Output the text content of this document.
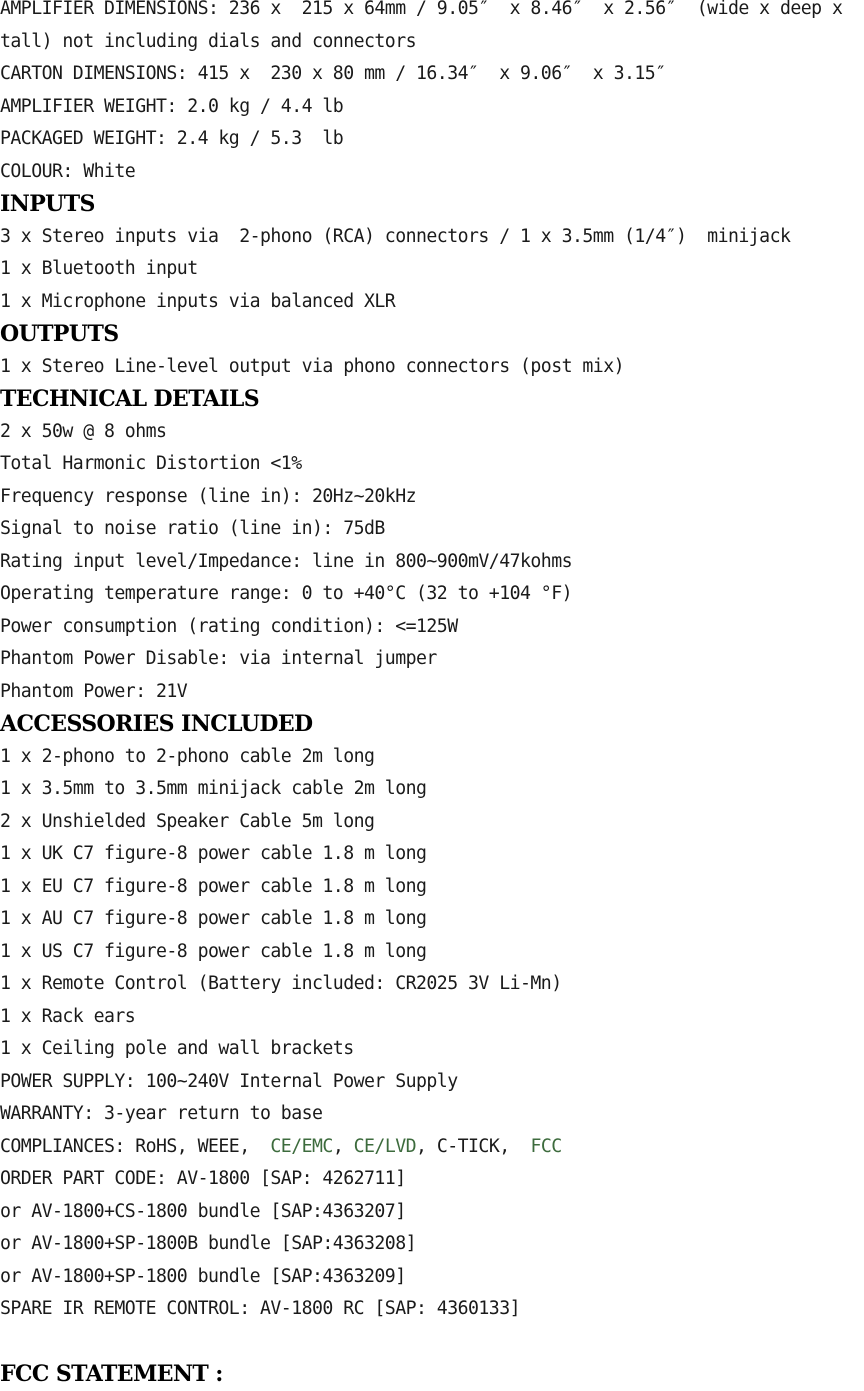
AMPLIFIER DIMENSIONS: 236 x  215 x 64mm / 9.05″  x 8.46″  x 2.56″  (wide x deep x
tall) not including dials and connectors
CARTON DIMENSIONS: 415 x  230 x 80 mm / 16.34″  x 9.06″  x 3.15″
AMPLIFIER WEIGHT: 2.0 kg / 4.4 lb
PACKAGED WEIGHT: 2.4 kg / 5.3  lb
COLOUR: White
INPUTS
3 x Stereo inputs via  2-phono (RCA) connectors / 1 x 3.5mm (1/4″)  minijack
1 x Bluetooth input
1 x Microphone inputs via balanced XLR
OUTPUTS
1 x Stereo Line-level output via phono connectors (post mix)
TECHNICAL DETAILS
2 x 50w @ 8 ohms
Total Harmonic Distortion <1%
Frequency response (line in): 20Hz~20kHz
Signal to noise ratio (line in): 75dB
Rating input level/Impedance: line in 800~900mV/47kohms
Operating temperature range: 0 to +40°C (32 to +104 °F)
Power consumption (rating condition): <=125W
Phantom Power Disable: via internal jumper
Phantom Power: 21V
ACCESSORIES INCLUDED
1 x 2-phono to 2-phono cable 2m long
1 x 3.5mm to 3.5mm minijack cable 2m long
2 x Unshielded Speaker Cable 5m long
1 x UK C7 figure-8 power cable 1.8 m long
1 x EU C7 figure-8 power cable 1.8 m long
1 x AU C7 figure-8 power cable 1.8 m long
1 x US C7 figure-8 power cable 1.8 m long
1 x Remote Control (Battery included: CR2025 3V Li-Mn)
1 x Rack ears
1 x Ceiling pole and wall brackets
POWER SUPPLY: 100~240V Internal Power Supply
WARRANTY: 3-year return to base
COMPLIANCES: RoHS, WEEE,  CE/EMC, CE/LVD, C-TICK,  FCC
ORDER PART CODE: AV-1800 [SAP: 4262711]
or AV-1800+CS-1800 bundle [SAP:4363207]
or AV-1800+SP-1800B bundle [SAP:4363208]
or AV-1800+SP-1800 bundle [SAP:4363209]
SPARE IR REMOTE CONTROL: AV-1800 RC [SAP: 4360133]
FCC STATEMENT :
